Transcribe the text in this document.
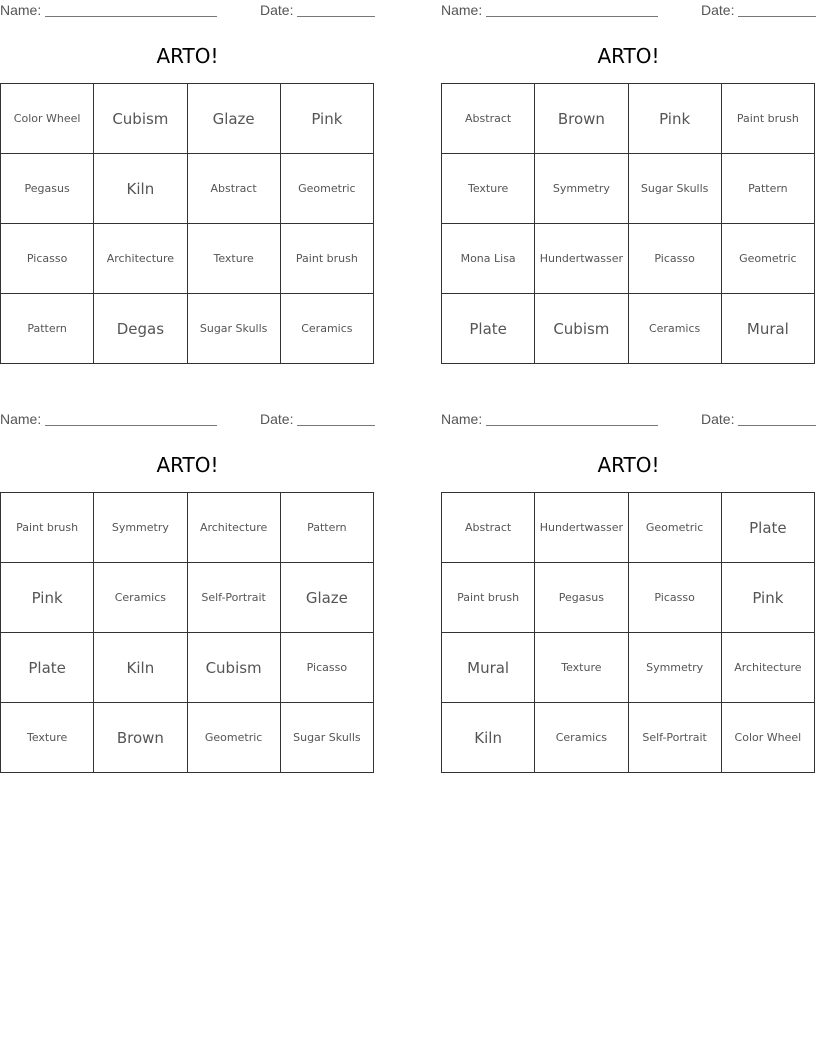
Name:	Date:
ARTO!
Color Wheel	Cubism	Glaze	Pink
Pegasus	Kiln	Abstract	Geometric
Picasso	Architecture	Texture	Paint brush
Pattern	Degas	Sugar Skulls	Ceramics
Name:	Date:
ARTO!
Abstract	Brown	Pink	Paint brush
Texture	Symmetry	Sugar Skulls	Pattern
Mona Lisa	Hundertwasser	Picasso	Geometric
Plate	Cubism	Ceramics	Mural
Name:	Date:
ARTO!
Paint brush	Symmetry	Architecture	Pattern
Pink	Ceramics	Self-Portrait	Glaze
Plate	Kiln	Cubism	Picasso
Texture	Brown	Geometric	Sugar Skulls
Name:	Date:
ARTO!
Abstract	Hundertwasser	Geometric	Plate
Paint brush	Pegasus	Picasso	Pink
Mural	Texture	Symmetry	Architecture
Kiln	Ceramics	Self-Portrait	Color Wheel
